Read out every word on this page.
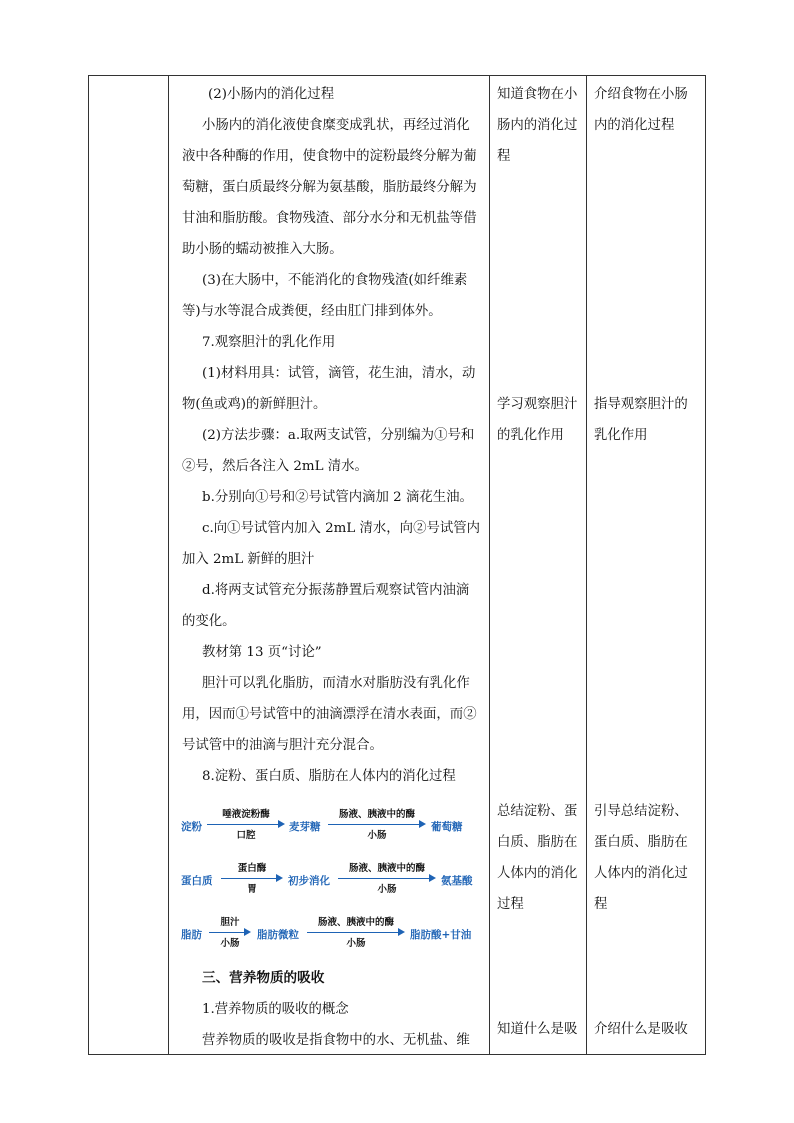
(2)小肠内的消化过程
小肠内的消化液使食糜变成乳状，再经过消化
液中各种酶的作用，使食物中的淀粉最终分解为葡
萄糖，蛋白质最终分解为氨基酸，脂肪最终分解为
甘油和脂肪酸。食物残渣、部分水分和无机盐等借
助小肠的蠕动被推入大肠。
(3)在大肠中，不能消化的食物残渣(如纤维素
等)与水等混合成粪便，经由肛门排到体外。
7.观察胆汁的乳化作用
(1)材料用具：试管，滴管，花生油，清水，动
物(鱼或鸡)的新鲜胆汁。
(2)方法步骤：a.取两支试管，分别编为①号和
②号，然后各注入 2mL 清水。
b.分别向①号和②号试管内滴加 2 滴花生油。
c.向①号试管内加入 2mL 清水，向②号试管内
加入 2mL 新鲜的胆汁
d.将两支试管充分振荡静置后观察试管内油滴
的变化。
教材第 13 页“讨论”
胆汁可以乳化脂肪，而清水对脂肪没有乳化作
用，因而①号试管中的油滴漂浮在清水表面，而②
号试管中的油滴与胆汁充分混合。
8.淀粉、蛋白质、脂肪在人体内的消化过程
三、营养物质的吸收
1.营养物质的吸收的概念
营养物质的吸收是指食物中的水、无机盐、维
知道食物在小
肠内的消化过
程
学习观察胆汁
的乳化作用
总结淀粉、蛋
白质、脂肪在
人体内的消化
过程
知道什么是吸
介绍食物在小肠
内的消化过程
指导观察胆汁的
乳化作用
引导总结淀粉、
蛋白质、脂肪在
人体内的消化过
程
介绍什么是吸收
淀粉
唾液淀粉酶
口腔
麦芽糖
肠液、胰液中的酶
小肠
葡萄糖
蛋白质
蛋白酶
胃
初步消化
肠液、胰液中的酶
小肠
氨基酸
脂肪
胆汁
小肠
脂肪微粒
肠液、胰液中的酶
小肠
脂肪酸+甘油
